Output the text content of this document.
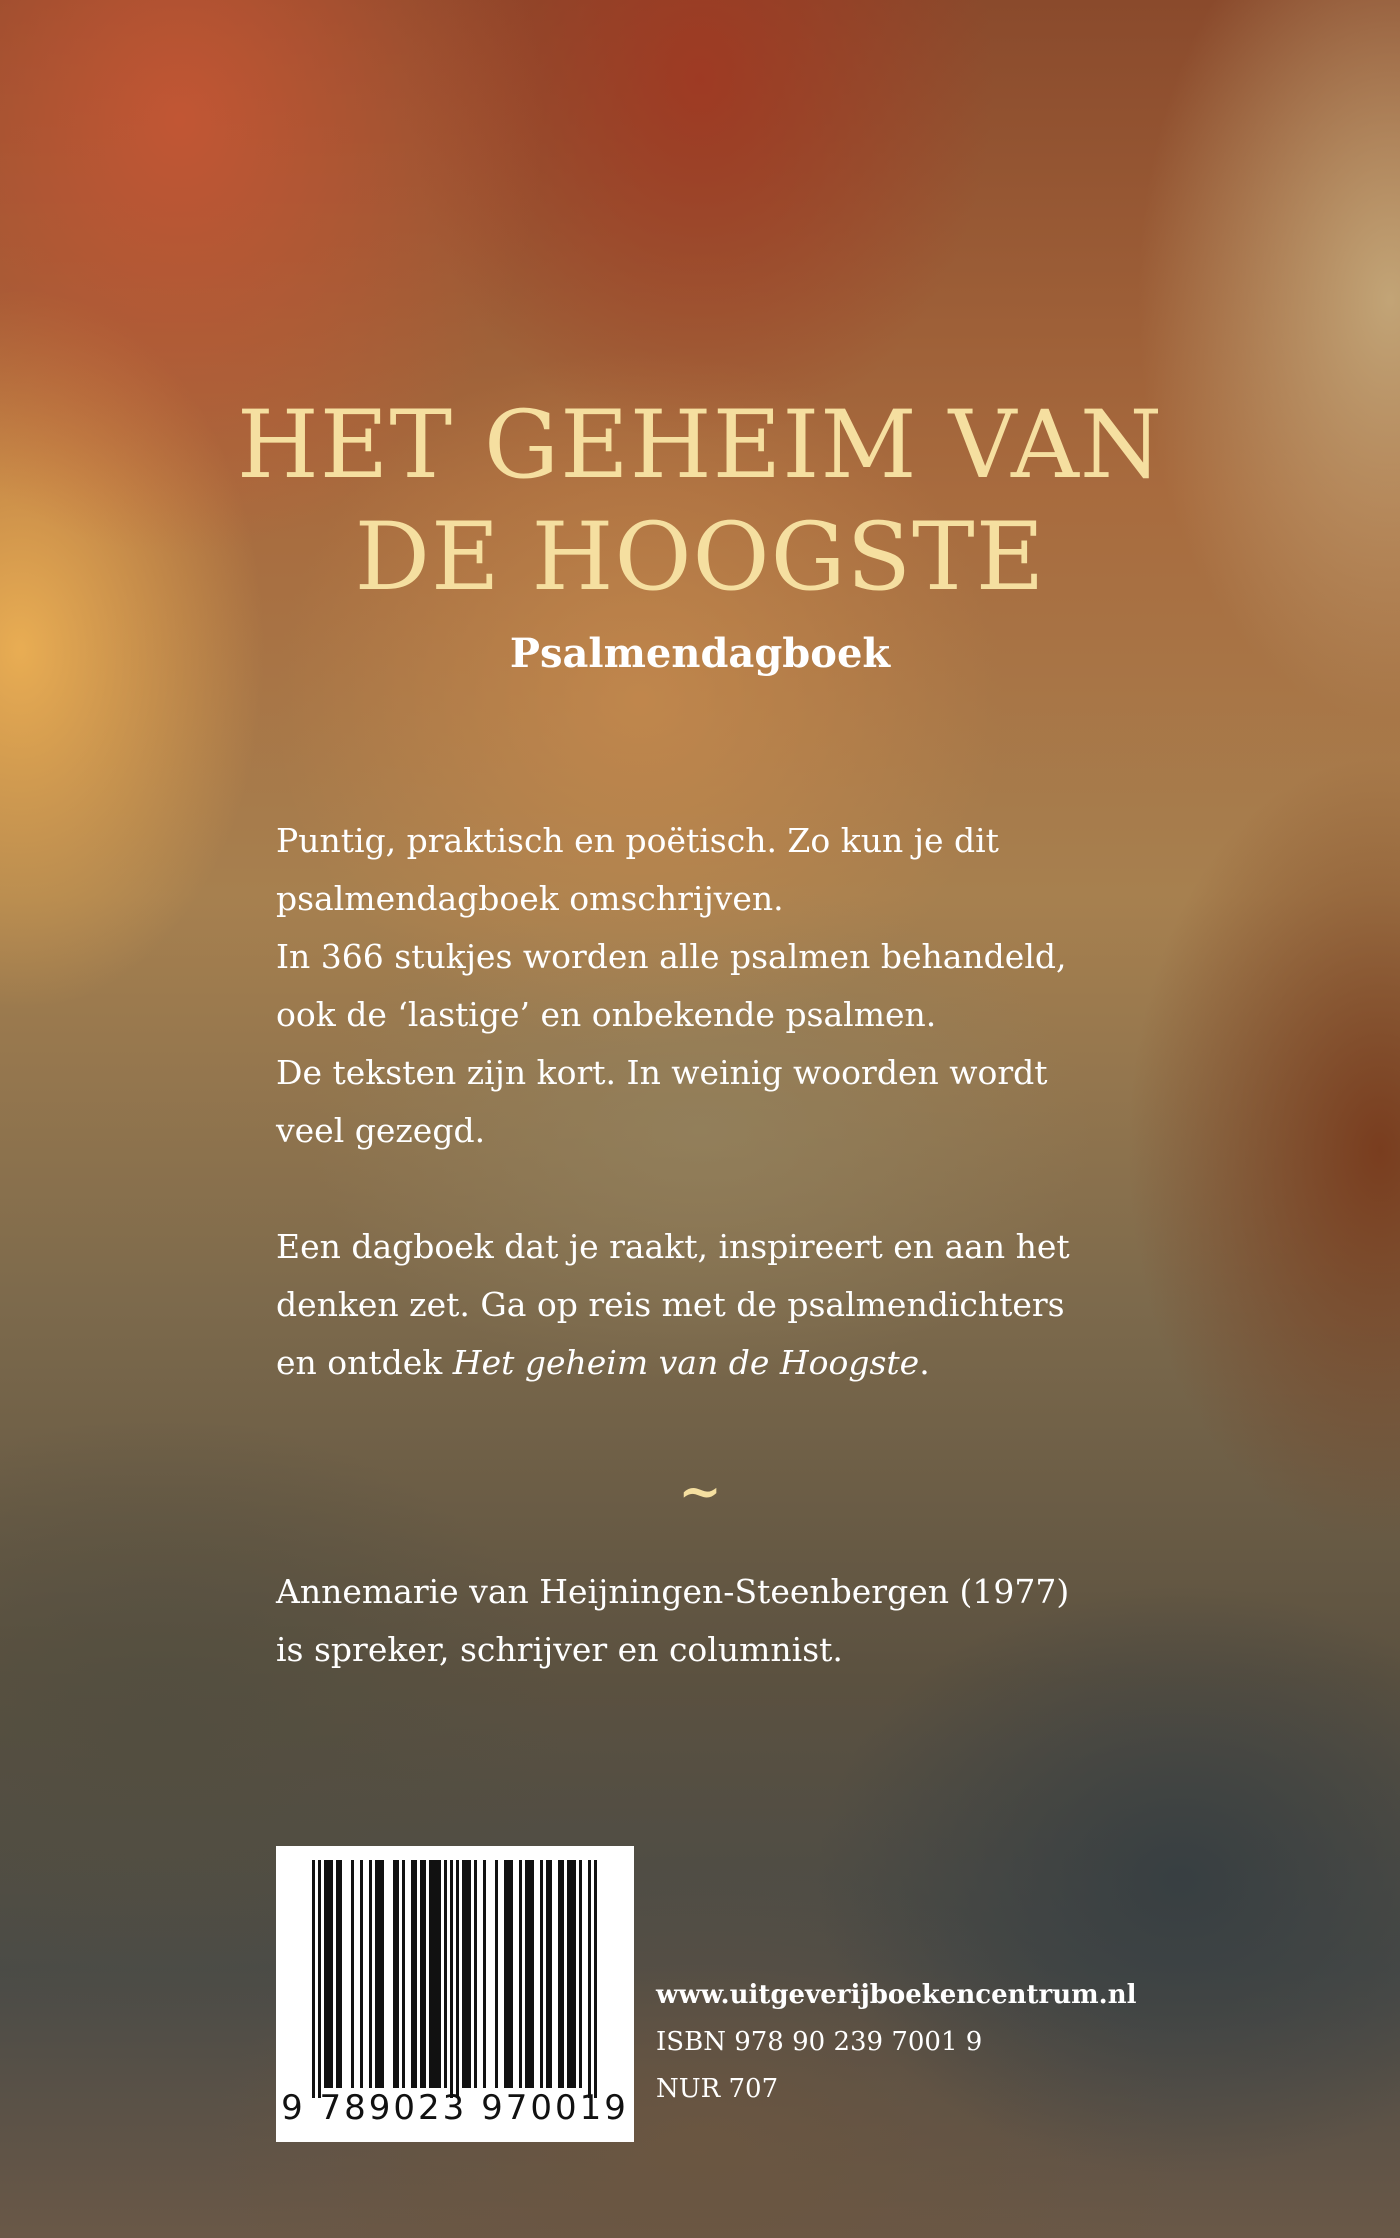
HET GEHEIM VAN
DE HOOGSTE
Psalmendagboek

Puntig, praktisch en poëtisch. Zo kun je dit
psalmendagboek omschrijven.
In 366 stukjes worden alle psalmen behandeld,
ook de ‘lastige’ en onbekende psalmen.
De teksten zijn kort. In weinig woorden wordt
veel gezegd.

Een dagboek dat je raakt, inspireert en aan het
denken zet. Ga op reis met de psalmendichters
en ontdek Het geheim van de Hoogste.

~

Annemarie van Heijningen-Steenbergen (1977)
is spreker, schrijver en columnist.

9 789023 970019

www.uitgeverijboekencentrum.nl
ISBN 978 90 239 7001 9
NUR 707
